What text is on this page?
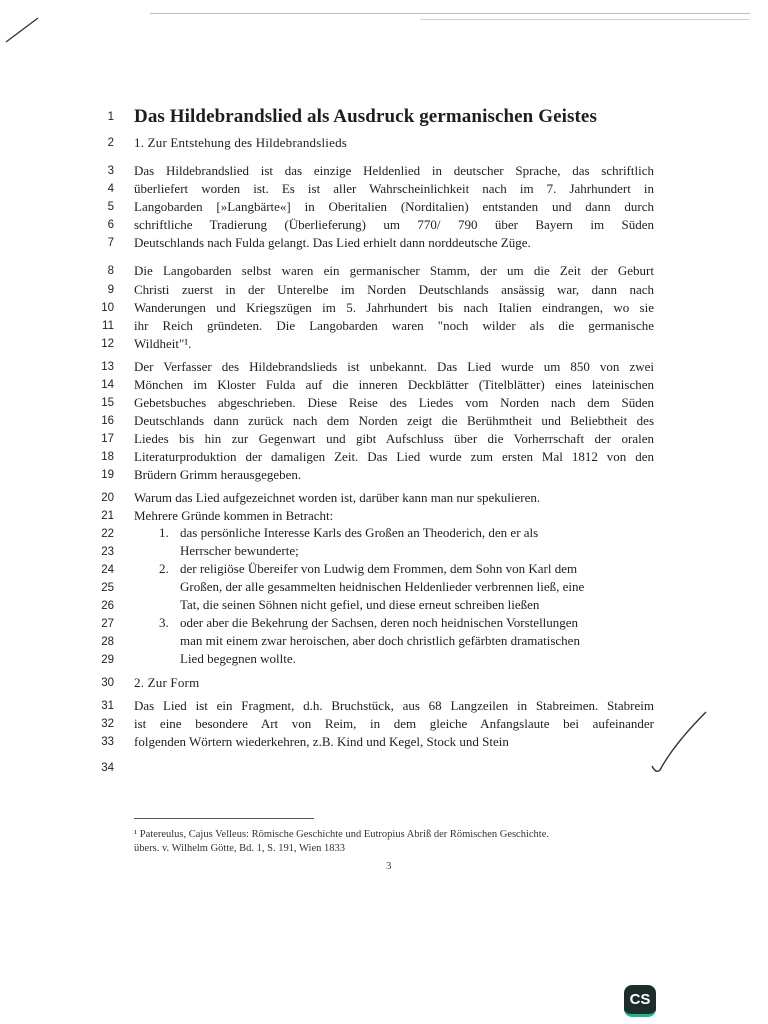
Das Hildebrandslied als Ausdruck germanischen Geistes
1
2
3
4
5
6
7
8
9
10
11
12
13
14
15
16
17
18
19
20
21
22
23
24
25
26
27
28
29
30
31
32
33
34
1. Zur Entstehung des Hildebrandslieds
Das Hildebrandslied ist das einzige Heldenlied in deutscher Sprache, das schriftlich
überliefert worden ist. Es ist aller Wahrscheinlichkeit nach im 7. Jahrhundert in
Langobarden [»Langbärte«] in Oberitalien (Norditalien) entstanden und dann durch
schriftliche Tradierung (Überlieferung) um 770/ 790 über Bayern im Süden
Deutschlands nach Fulda gelangt. Das Lied erhielt dann norddeutsche Züge.
Die Langobarden selbst waren ein germanischer Stamm, der um die Zeit der Geburt
Christi zuerst in der Unterelbe im Norden Deutschlands ansässig war, dann nach
Wanderungen und Kriegszügen im 5. Jahrhundert bis nach Italien eindrangen, wo sie
ihr Reich gründeten. Die Langobarden waren "noch wilder als die germanische
Wildheit"¹.
Der Verfasser des Hildebrandslieds ist unbekannt. Das Lied wurde um 850 von zwei
Mönchen im Kloster Fulda auf die inneren Deckblätter (Titelblätter) eines lateinischen
Gebetsbuches abgeschrieben. Diese Reise des Liedes vom Norden nach dem Süden
Deutschlands dann zurück nach dem Norden zeigt die Berühmtheit und Beliebtheit des
Liedes bis hin zur Gegenwart und gibt Aufschluss über die Vorherrschaft der oralen
Literaturproduktion der damaligen Zeit. Das Lied wurde zum ersten Mal 1812 von den
Brüdern Grimm herausgegeben.
Warum das Lied aufgezeichnet worden ist, darüber kann man nur spekulieren.
Mehrere Gründe kommen in Betracht:
1. das persönliche Interesse Karls des Großen an Theoderich, den er als
Herrscher bewunderte;
2. der religiöse Übereifer von Ludwig dem Frommen, dem Sohn von Karl dem
Großen, der alle gesammelten heidnischen Heldenlieder verbrennen ließ, eine
Tat, die seinen Söhnen nicht gefiel, und diese erneut schreiben ließen
3. oder aber die Bekehrung der Sachsen, deren noch heidnischen Vorstellungen
man mit einem zwar heroischen, aber doch christlich gefärbten dramatischen
Lied begegnen wollte.
2. Zur Form
Das Lied ist ein Fragment, d.h. Bruchstück, aus 68 Langzeilen in Stabreimen. Stabreim
ist eine besondere Art von Reim, in dem gleiche Anfangslaute bei aufeinander
folgenden Wörtern wiederkehren, z.B. Kind und Kegel, Stock und Stein
¹ Patereulus, Cajus Velleus: Römische Geschichte und Eutropius Abriß der Römischen Geschichte.
übers. v. Wilhelm Götte, Bd. 1, S. 191, Wien 1833
3
CS
